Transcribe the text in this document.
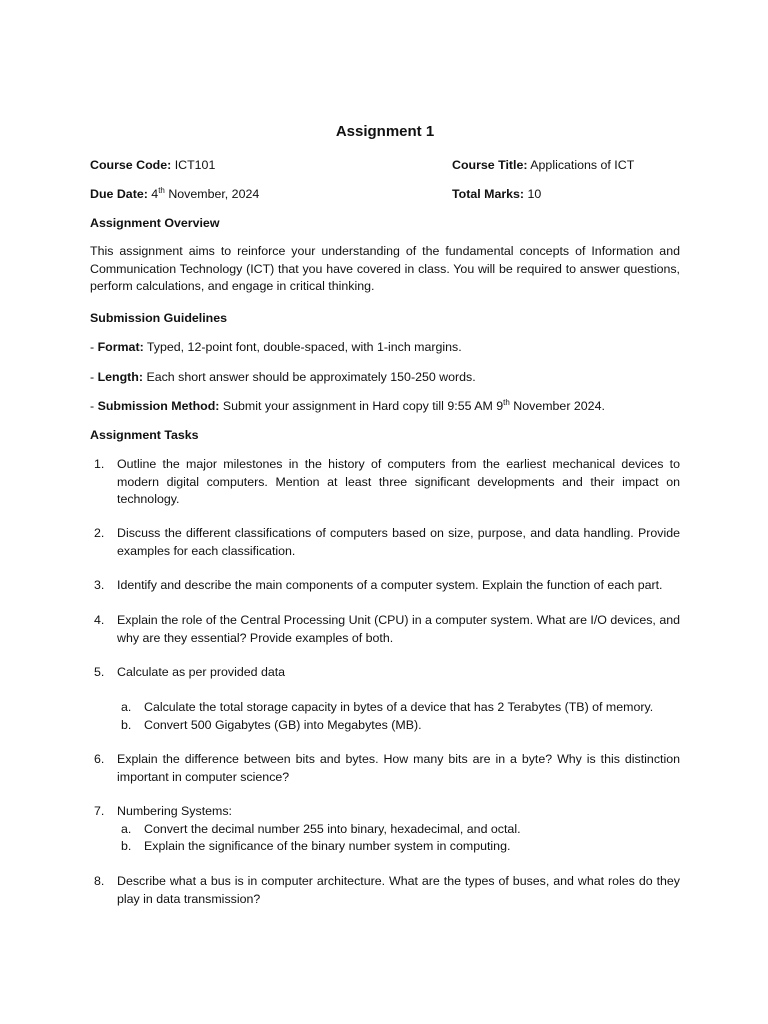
Assignment 1
Course Code: ICT101	Course Title: Applications of ICT
Due Date: 4th November, 2024	Total Marks: 10
Assignment Overview
This assignment aims to reinforce your understanding of the fundamental concepts of Information and Communication Technology (ICT) that you have covered in class. You will be required to answer questions, perform calculations, and engage in critical thinking.
Submission Guidelines
- Format: Typed, 12-point font, double-spaced, with 1-inch margins.
- Length: Each short answer should be approximately 150-250 words.
- Submission Method: Submit your assignment in Hard copy till 9:55 AM 9th November 2024.
Assignment Tasks
1. Outline the major milestones in the history of computers from the earliest mechanical devices to modern digital computers. Mention at least three significant developments and their impact on technology.
2. Discuss the different classifications of computers based on size, purpose, and data handling. Provide examples for each classification.
3. Identify and describe the main components of a computer system. Explain the function of each part.
4. Explain the role of the Central Processing Unit (CPU) in a computer system. What are I/O devices, and why are they essential? Provide examples of both.
5. Calculate as per provided data
a. Calculate the total storage capacity in bytes of a device that has 2 Terabytes (TB) of memory.
b. Convert 500 Gigabytes (GB) into Megabytes (MB).
6. Explain the difference between bits and bytes. How many bits are in a byte? Why is this distinction important in computer science?
7. Numbering Systems:
a. Convert the decimal number 255 into binary, hexadecimal, and octal.
b. Explain the significance of the binary number system in computing.
8. Describe what a bus is in computer architecture. What are the types of buses, and what roles do they play in data transmission?
